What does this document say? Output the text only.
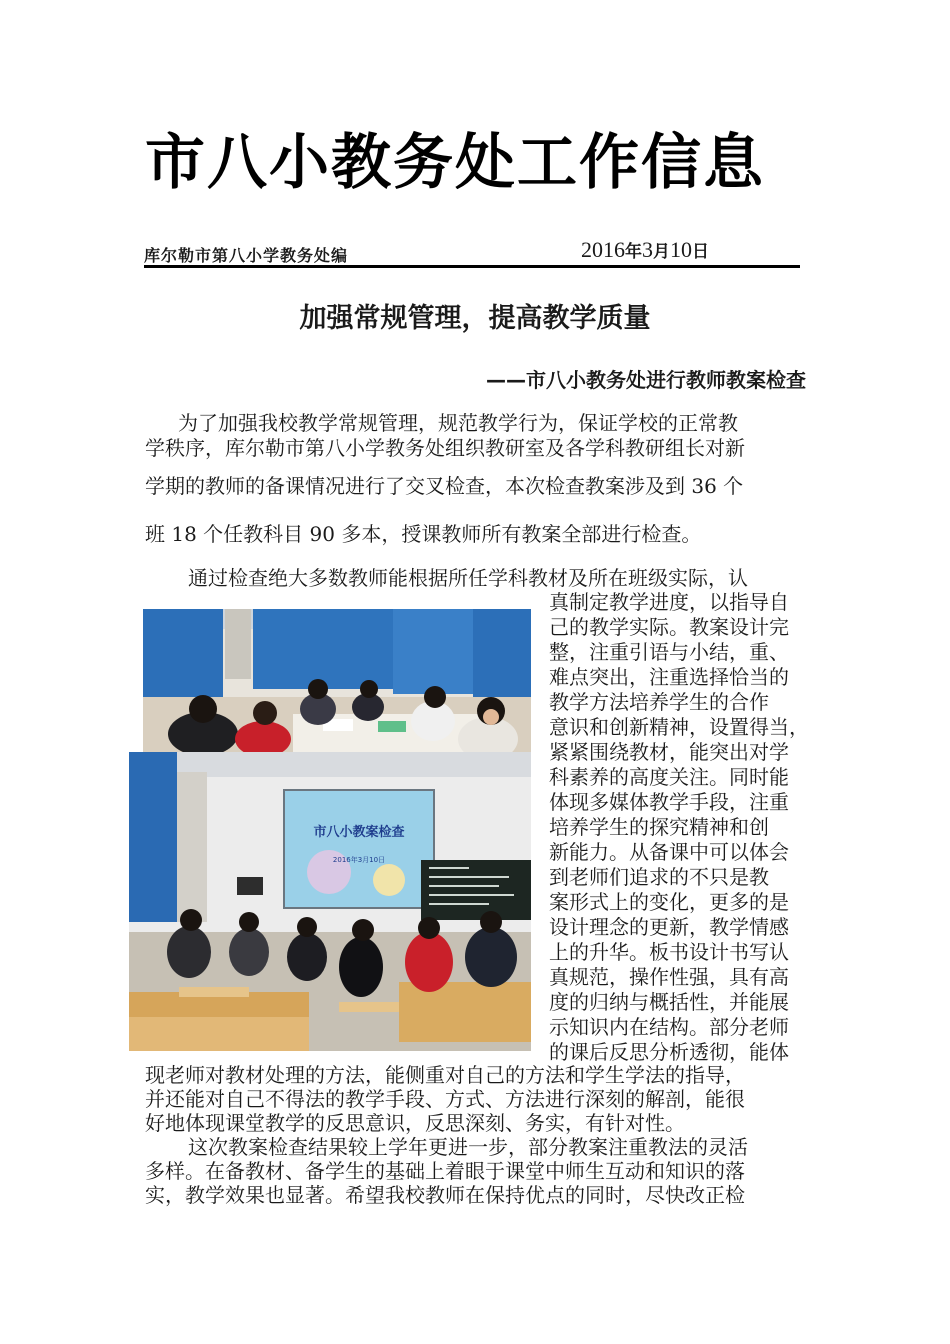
市八小教务处工作信息
库尔勒市第八小学教务处编	2016年3月10日
加强常规管理，提高教学质量
——市八小教务处进行教师教案检查
市八小教案检查
2016年3月10日

为了加强我校教学常规管理，规范教学行为，保证学校的正常教

学秩序，库尔勒市第八小学教务处组织教研室及各学科教研组长对新

学期的教师的备课情况进行了交叉检查，本次检查教案涉及到 36 个

班 18 个任教科目 90 多本，授课教师所有教案全部进行检查。

通过检查绝大多数教师能根据所任学科教材及所在班级实际，认

真制定教学进度，以指导自

己的教学实际。教案设计完

整，注重引语与小结，重、

难点突出，注重选择恰当的

教学方法培养学生的合作

意识和创新精神，设置得当，

紧紧围绕教材，能突出对学

科素养的高度关注。同时能

体现多媒体教学手段，注重

培养学生的探究精神和创

新能力。从备课中可以体会

到老师们追求的不只是教

案形式上的变化，更多的是

设计理念的更新，教学情感

上的升华。板书设计书写认

真规范，操作性强，具有高

度的归纳与概括性，并能展

示知识内在结构。部分老师

的课后反思分析透彻，能体

现老师对教材处理的方法，能侧重对自己的方法和学生学法的指导，

并还能对自己不得法的教学手段、方式、方法进行深刻的解剖，能很

好地体现课堂教学的反思意识，反思深刻、务实，有针对性。

这次教案检查结果较上学年更进一步，部分教案注重教法的灵活

多样。在备教材、备学生的基础上着眼于课堂中师生互动和知识的落

实，教学效果也显著。希望我校教师在保持优点的同时，尽快改正检
